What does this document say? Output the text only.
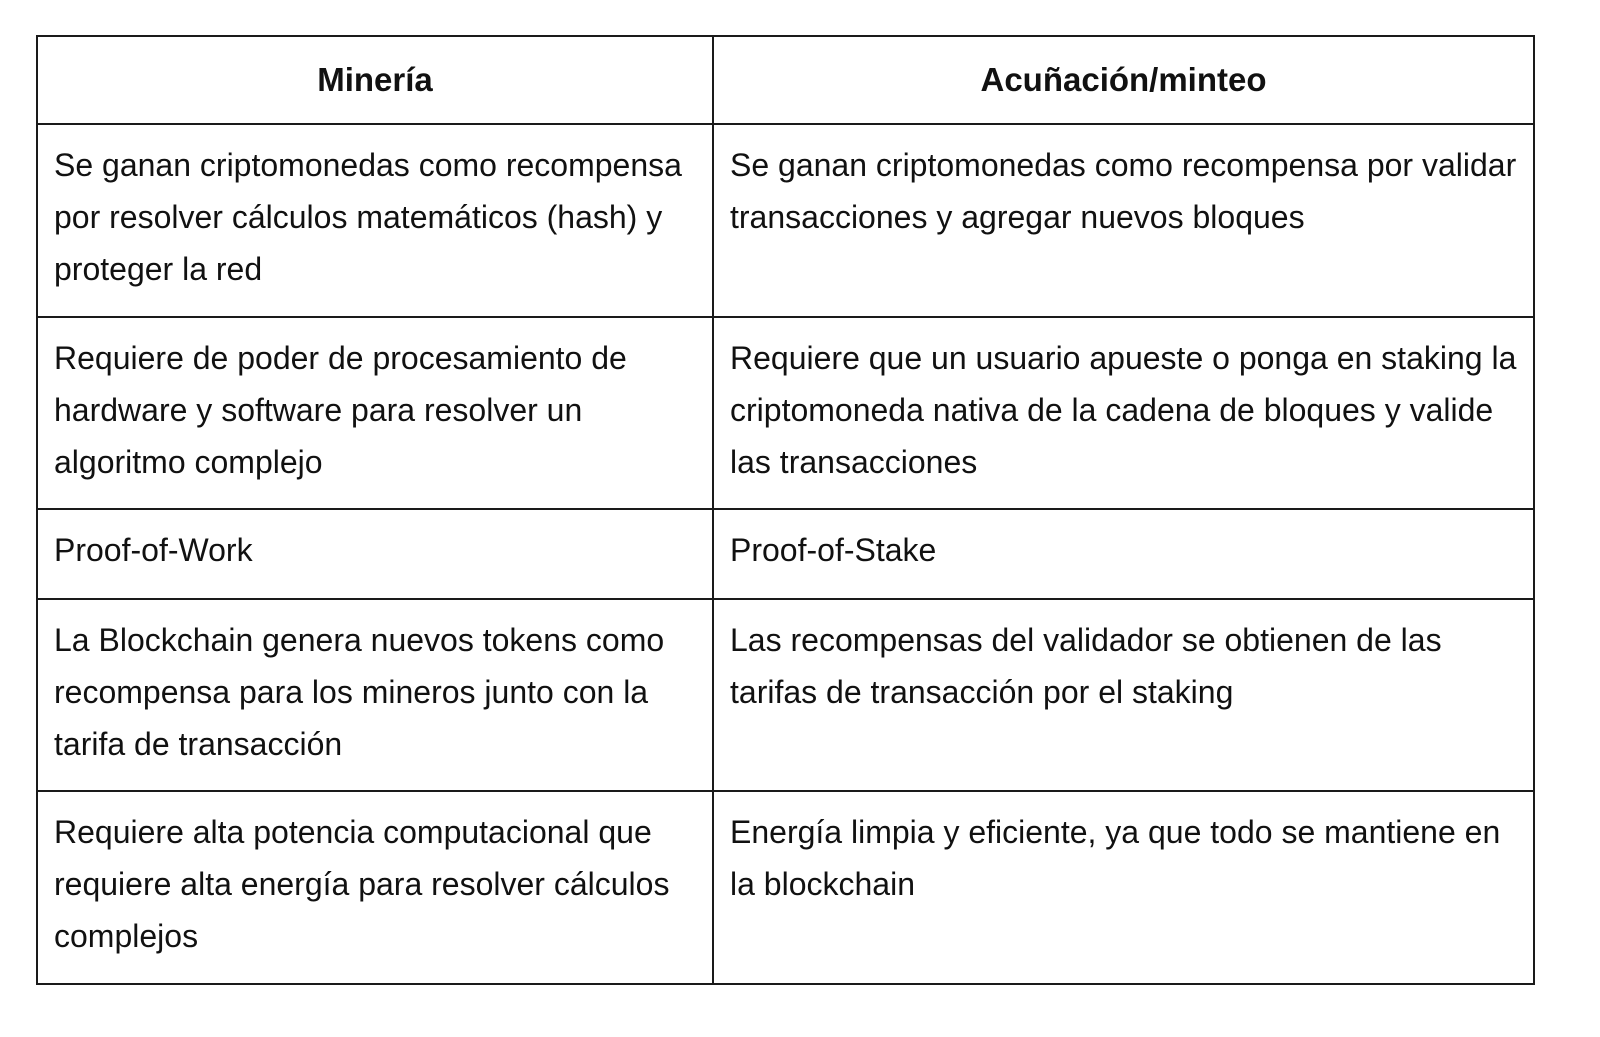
Minería	Acuñación/minteo
Se ganan criptomonedas como recompensa por resolver cálculos matemáticos (hash) y proteger la red	Se ganan criptomonedas como recompensa por validar transacciones y agregar nuevos bloques
Requiere de poder de procesamiento de hardware y software para resolver un algoritmo complejo	Requiere que un usuario apueste o ponga en staking la criptomoneda nativa de la cadena de bloques y valide las transacciones
Proof-of-Work	Proof-of-Stake
La Blockchain genera nuevos tokens como recompensa para los mineros junto con la tarifa de transacción	Las recompensas del validador se obtienen de las tarifas de transacción por el staking
Requiere alta potencia computacional que requiere alta energía para resolver cálculos complejos	Energía limpia y eficiente, ya que todo se mantiene en la blockchain
